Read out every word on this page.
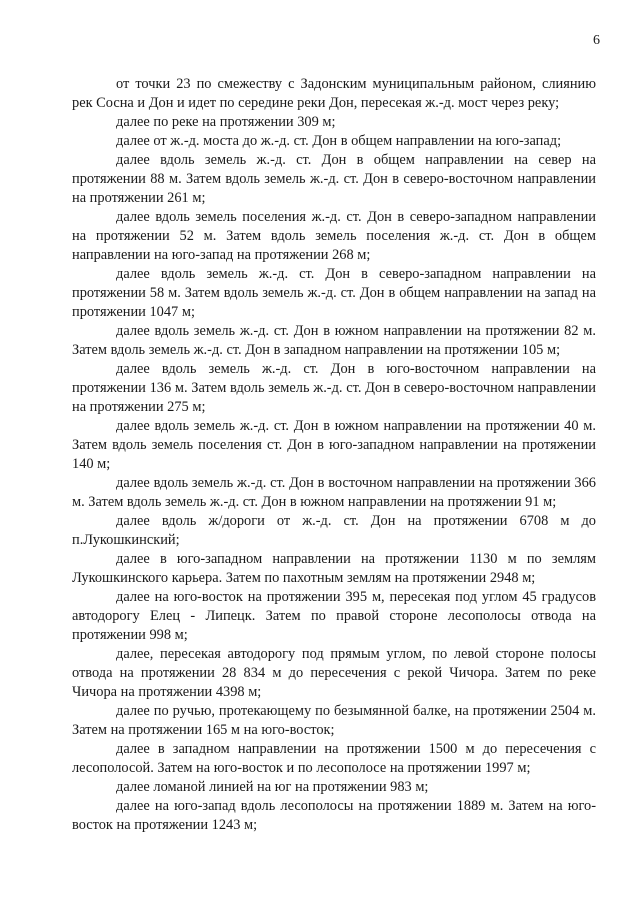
6

от точки 23 по смежеству с Задонским муниципальным районом, слиянию рек Сосна и Дон и идет по середине реки Дон, пересекая ж.-д. мост через реку;

далее по реке на протяжении 309 м;

далее от ж.-д. моста до ж.-д. ст. Дон в общем направлении на юго-запад;

далее вдоль земель ж.-д. ст. Дон в общем направлении на север на протяжении 88 м. Затем вдоль земель ж.-д. ст. Дон в северо-восточном направлении на протяжении 261 м;

далее вдоль земель поселения ж.-д. ст. Дон в северо-западном направлении на протяжении 52 м. Затем вдоль земель поселения ж.-д. ст. Дон в общем направлении на юго-запад на протяжении 268 м;

далее вдоль земель ж.-д. ст. Дон в северо-западном направлении на протяжении 58 м. Затем вдоль земель ж.-д. ст. Дон в общем направлении на запад на протяжении 1047 м;

далее вдоль земель ж.-д. ст. Дон в южном направлении на протяжении 82 м. Затем вдоль земель ж.-д. ст. Дон в западном направлении на протяжении 105 м;

далее вдоль земель ж.-д. ст. Дон в юго-восточном направлении на протяжении 136 м. Затем вдоль земель ж.-д. ст. Дон в северо-восточном направлении на протяжении 275 м;

далее вдоль земель ж.-д. ст. Дон в южном направлении на протяжении 40 м. Затем вдоль земель поселения ст. Дон в юго-западном направлении на протяжении 140 м;

далее вдоль земель ж.-д. ст. Дон в восточном направлении на протяжении 366 м. Затем вдоль земель ж.-д. ст. Дон в южном направлении на протяжении 91 м;

далее вдоль ж/дороги от ж.-д. ст. Дон на протяжении 6708 м до п.Лукошкинский;

далее в юго-западном направлении на протяжении 1130 м по землям Лукошкинского карьера. Затем по пахотным землям на протяжении 2948 м;

далее на юго-восток на протяжении 395 м, пересекая под углом 45 градусов автодорогу Елец - Липецк. Затем по правой стороне лесополосы отвода на протяжении 998 м;

далее, пересекая автодорогу под прямым углом, по левой стороне полосы отвода на протяжении 28 834 м до пересечения с рекой Чичора. Затем по реке Чичора на протяжении 4398 м;

далее по ручью, протекающему по безымянной балке, на протяжении 2504 м. Затем на протяжении 165 м на юго-восток;

далее в западном направлении на протяжении 1500 м до пересечения с лесополосой. Затем на юго-восток и по лесополосе на протяжении 1997 м;

далее ломаной линией на юг на протяжении 983 м;

далее на юго-запад вдоль лесополосы на протяжении 1889 м. Затем на юго-восток на протяжении 1243 м;
